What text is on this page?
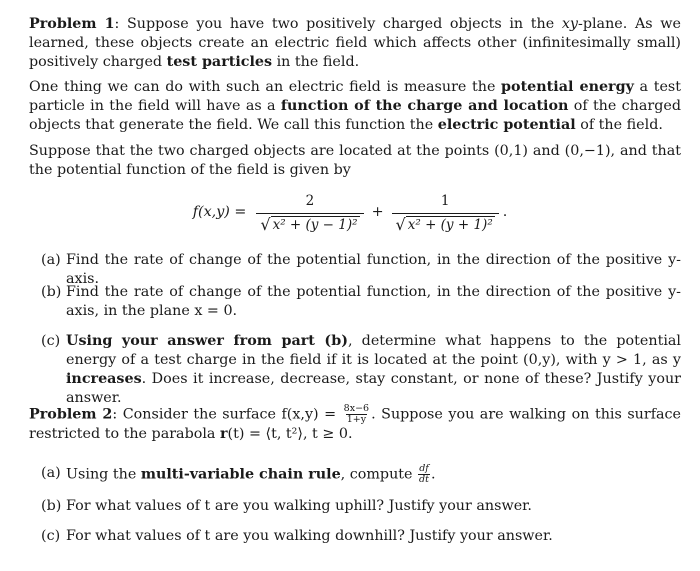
Problem 1: Suppose you have two positively charged objects in the xy-plane. As we learned, these objects create an electric field which affects other (infinitesimally small) positively charged test particles in the field.

One thing we can do with such an electric field is measure the potential energy a test particle in the field will have as a function of the charge and location of the charged objects that generate the field. We call this function the electric potential of the field.

Suppose that the two charged objects are located at the points (0,1) and (0,−1), and that the potential function of the field is given by

$f(x,y) = \frac{2}{\text{√ x² + (y − 1)²}} + \frac{1}{\text{√ x² + (y + 1)²}}$ .
(a) Find the rate of change of the potential function, in the direction of the positive y-axis.
(b) Find the rate of change of the potential function, in the direction of the positive y-axis, in the plane x = 0.
(c) Using your answer from part (b), determine what happens to the potential energy of a test charge in the field if it is located at the point (0,y), with y > 1, as y increases. Does it increase, decrease, stay constant, or none of these? Justify your answer.

Problem 2: Consider the surface $f(x,y) = \frac{8x-6}{1+y}$ . Suppose you are walking on this surface restricted to the parabola r(t) = ⟨t, t²⟩, t ≥ 0.

(a) Using the multi-variable chain rule, compute $\frac{df}{dt}$ .
(b) For what values of t are you walking uphill? Justify your answer.
(c) For what values of t are you walking downhill? Justify your answer.
